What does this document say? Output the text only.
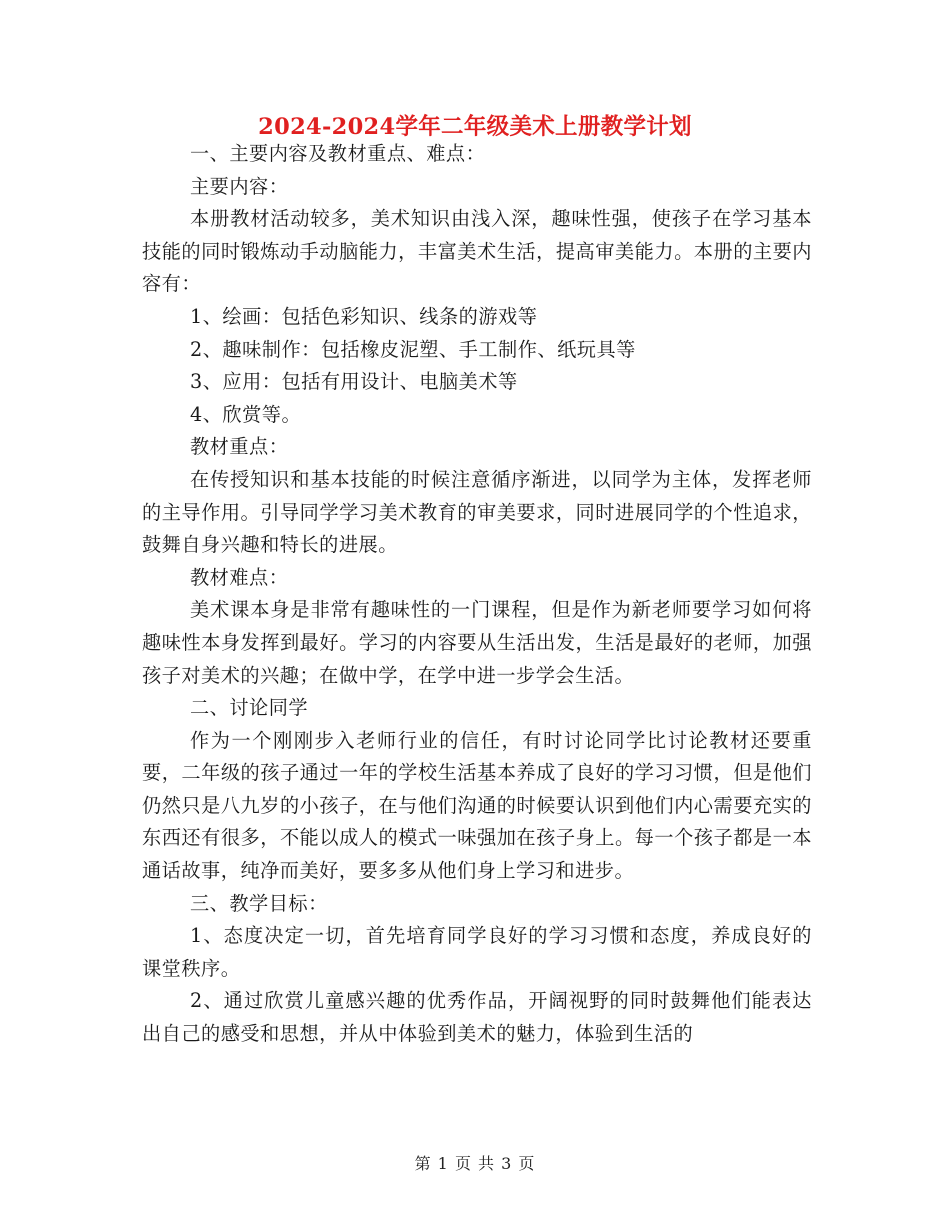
2024-2024学年二年级美术上册教学计划

一、主要内容及教材重点、难点：

主要内容：

本册教材活动较多，美术知识由浅入深，趣味性强，使孩子在学习基本技能的同时锻炼动手动脑能力，丰富美术生活，提高审美能力。本册的主要内容有：

1、绘画：包括色彩知识、线条的游戏等

2、趣味制作：包括橡皮泥塑、手工制作、纸玩具等

3、应用：包括有用设计、电脑美术等

4、欣赏等。

教材重点：

在传授知识和基本技能的时候注意循序渐进，以同学为主体，发挥老师的主导作用。引导同学学习美术教育的审美要求，同时进展同学的个性追求，鼓舞自身兴趣和特长的进展。

教材难点：

美术课本身是非常有趣味性的一门课程，但是作为新老师要学习如何将趣味性本身发挥到最好。学习的内容要从生活出发，生活是最好的老师，加强孩子对美术的兴趣；在做中学，在学中进一步学会生活。

二、讨论同学

作为一个刚刚步入老师行业的信任，有时讨论同学比讨论教材还要重要，二年级的孩子通过一年的学校生活基本养成了良好的学习习惯，但是他们仍然只是八九岁的小孩子，在与他们沟通的时候要认识到他们内心需要充实的东西还有很多，不能以成人的模式一味强加在孩子身上。每一个孩子都是一本通话故事，纯净而美好，要多多从他们身上学习和进步。

三、教学目标：

1、态度决定一切，首先培育同学良好的学习习惯和态度，养成良好的课堂秩序。

2、通过欣赏儿童感兴趣的优秀作品，开阔视野的同时鼓舞他们能表达出自己的感受和思想，并从中体验到美术的魅力，体验到生活的

第 1 页 共 3 页
